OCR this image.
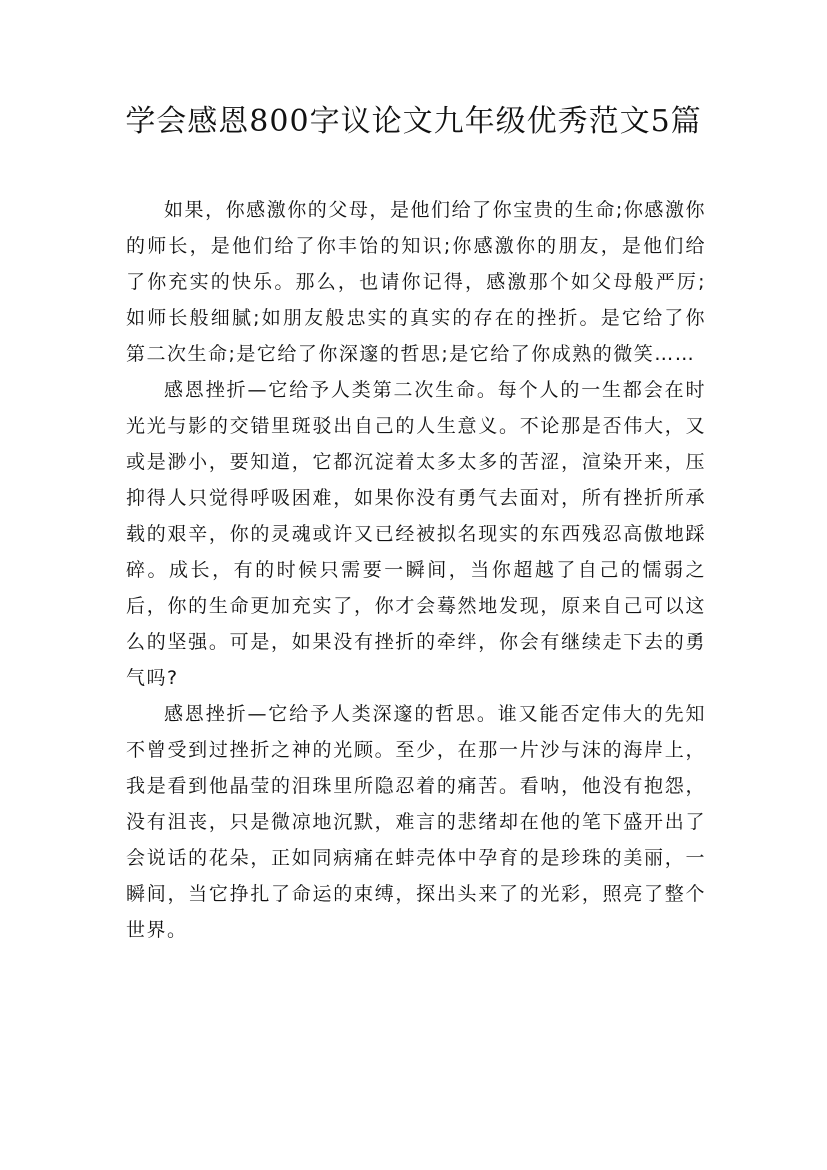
学会感恩800字议论文九年级优秀范文5篇

如果，你感激你的父母，是他们给了你宝贵的生命;你感激你的师长，是他们给了你丰饴的知识;你感激你的朋友，是他们给了你充实的快乐。那么，也请你记得，感激那个如父母般严厉;如师长般细腻;如朋友般忠实的真实的存在的挫折。是它给了你第二次生命;是它给了你深邃的哲思;是它给了你成熟的微笑……

感恩挫折—它给予人类第二次生命。每个人的一生都会在时光光与影的交错里斑驳出自己的人生意义。不论那是否伟大，又或是渺小，要知道，它都沉淀着太多太多的苦涩，渲染开来，压抑得人只觉得呼吸困难，如果你没有勇气去面对，所有挫折所承载的艰辛，你的灵魂或许又已经被拟名现实的东西残忍高傲地踩碎。成长，有的时候只需要一瞬间，当你超越了自己的懦弱之后，你的生命更加充实了，你才会蓦然地发现，原来自己可以这么的坚强。可是，如果没有挫折的牵绊，你会有继续走下去的勇气吗?

感恩挫折—它给予人类深邃的哲思。谁又能否定伟大的先知不曾受到过挫折之神的光顾。至少，在那一片沙与沫的海岸上，我是看到他晶莹的泪珠里所隐忍着的痛苦。看呐，他没有抱怨，没有沮丧，只是微凉地沉默，难言的悲绪却在他的笔下盛开出了会说话的花朵，正如同病痛在蚌壳体中孕育的是珍珠的美丽，一瞬间，当它挣扎了命运的束缚，探出头来了的光彩，照亮了整个世界。
